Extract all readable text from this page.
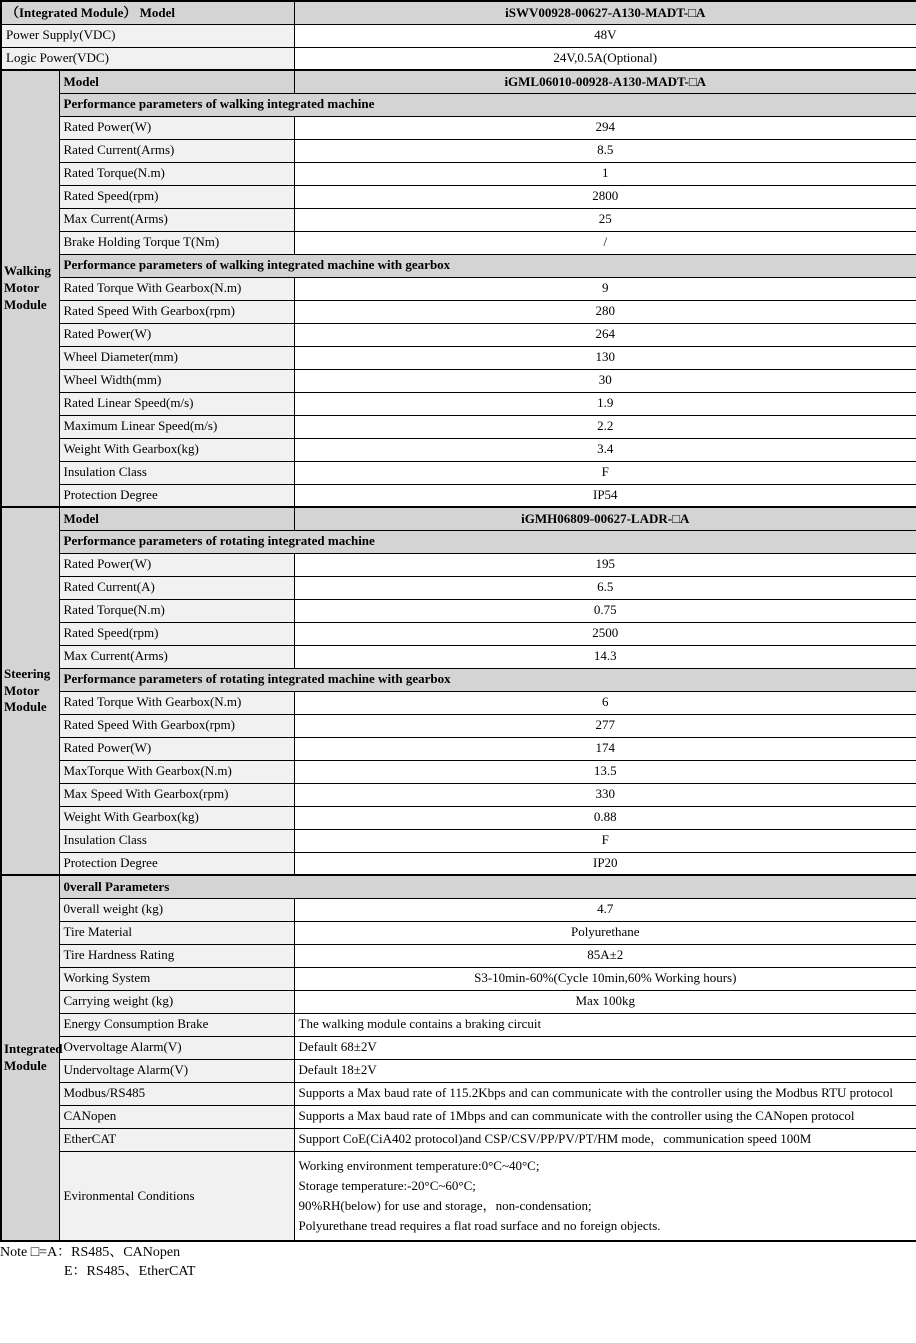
（Integrated Module） Model		iSWV00928-00627-A130-MADT-□A
Power Supply(VDC)		48V
Logic Power(VDC)		24V,0.5A(Optional)
Walking Motor Module	Model	iGML06010-00928-A130-MADT-□A
	Performance parameters of walking integrated machine	
	Rated Power(W)	294
	Rated Current(Arms)	8.5
	Rated Torque(N.m)	1
	Rated Speed(rpm)	2800
	Max Current(Arms)	25
	Brake Holding Torque T(Nm)	/
	Performance parameters of walking integrated machine with gearbox	
	Rated Torque With Gearbox(N.m)	9
	Rated Speed With Gearbox(rpm)	280
	Rated Power(W)	264
	Wheel Diameter(mm)	130
	Wheel Width(mm)	30
	Rated Linear Speed(m/s)	1.9
	Maximum Linear Speed(m/s)	2.2
	Weight With Gearbox(kg)	3.4
	Insulation Class	F
	Protection Degree	IP54
Steering Motor Module	Model	iGMH06809-00627-LADR-□A
	Performance parameters of rotating integrated machine	
	Rated Power(W)	195
	Rated Current(A)	6.5
	Rated Torque(N.m)	0.75
	Rated Speed(rpm)	2500
	Max Current(Arms)	14.3
	Performance parameters of rotating integrated machine with gearbox	
	Rated Torque With Gearbox(N.m)	6
	Rated Speed With Gearbox(rpm)	277
	Rated Power(W)	174
	MaxTorque With Gearbox(N.m)	13.5
	Max Speed With Gearbox(rpm)	330
	Weight With Gearbox(kg)	0.88
	Insulation Class	F
	Protection Degree	IP20
Integrated Module	0verall Parameters	
	0verall weight (kg)	4.7
	Tire Material	Polyurethane
	Tire Hardness Rating	85A±2
	Working System	S3-10min-60%(Cycle 10min,60% Working hours)
	Carrying weight (kg)	Max 100kg
	Energy Consumption Brake	The walking module contains a braking circuit
	Overvoltage Alarm(V)	Default 68±2V
	Undervoltage Alarm(V)	Default 18±2V
	Modbus/RS485	Supports a Max baud rate of 115.2Kbps and can communicate with the controller using the Modbus RTU protocol
	CANopen	Supports a Max baud rate of 1Mbps and can communicate with the controller using the CANopen protocol
	EtherCAT	Support CoE(CiA402 protocol)and CSP/CSV/PP/PV/PT/HM mode，communication speed 100M
	Evironmental Conditions	Working environment temperature:0°C~40°C;
Storage temperature:-20°C~60°C;
90%RH(below) for use and storage，non-condensation;
Polyurethane tread requires a flat road surface and no foreign objects.
Note □=A：RS485、CANopen
E：RS485、EtherCAT
